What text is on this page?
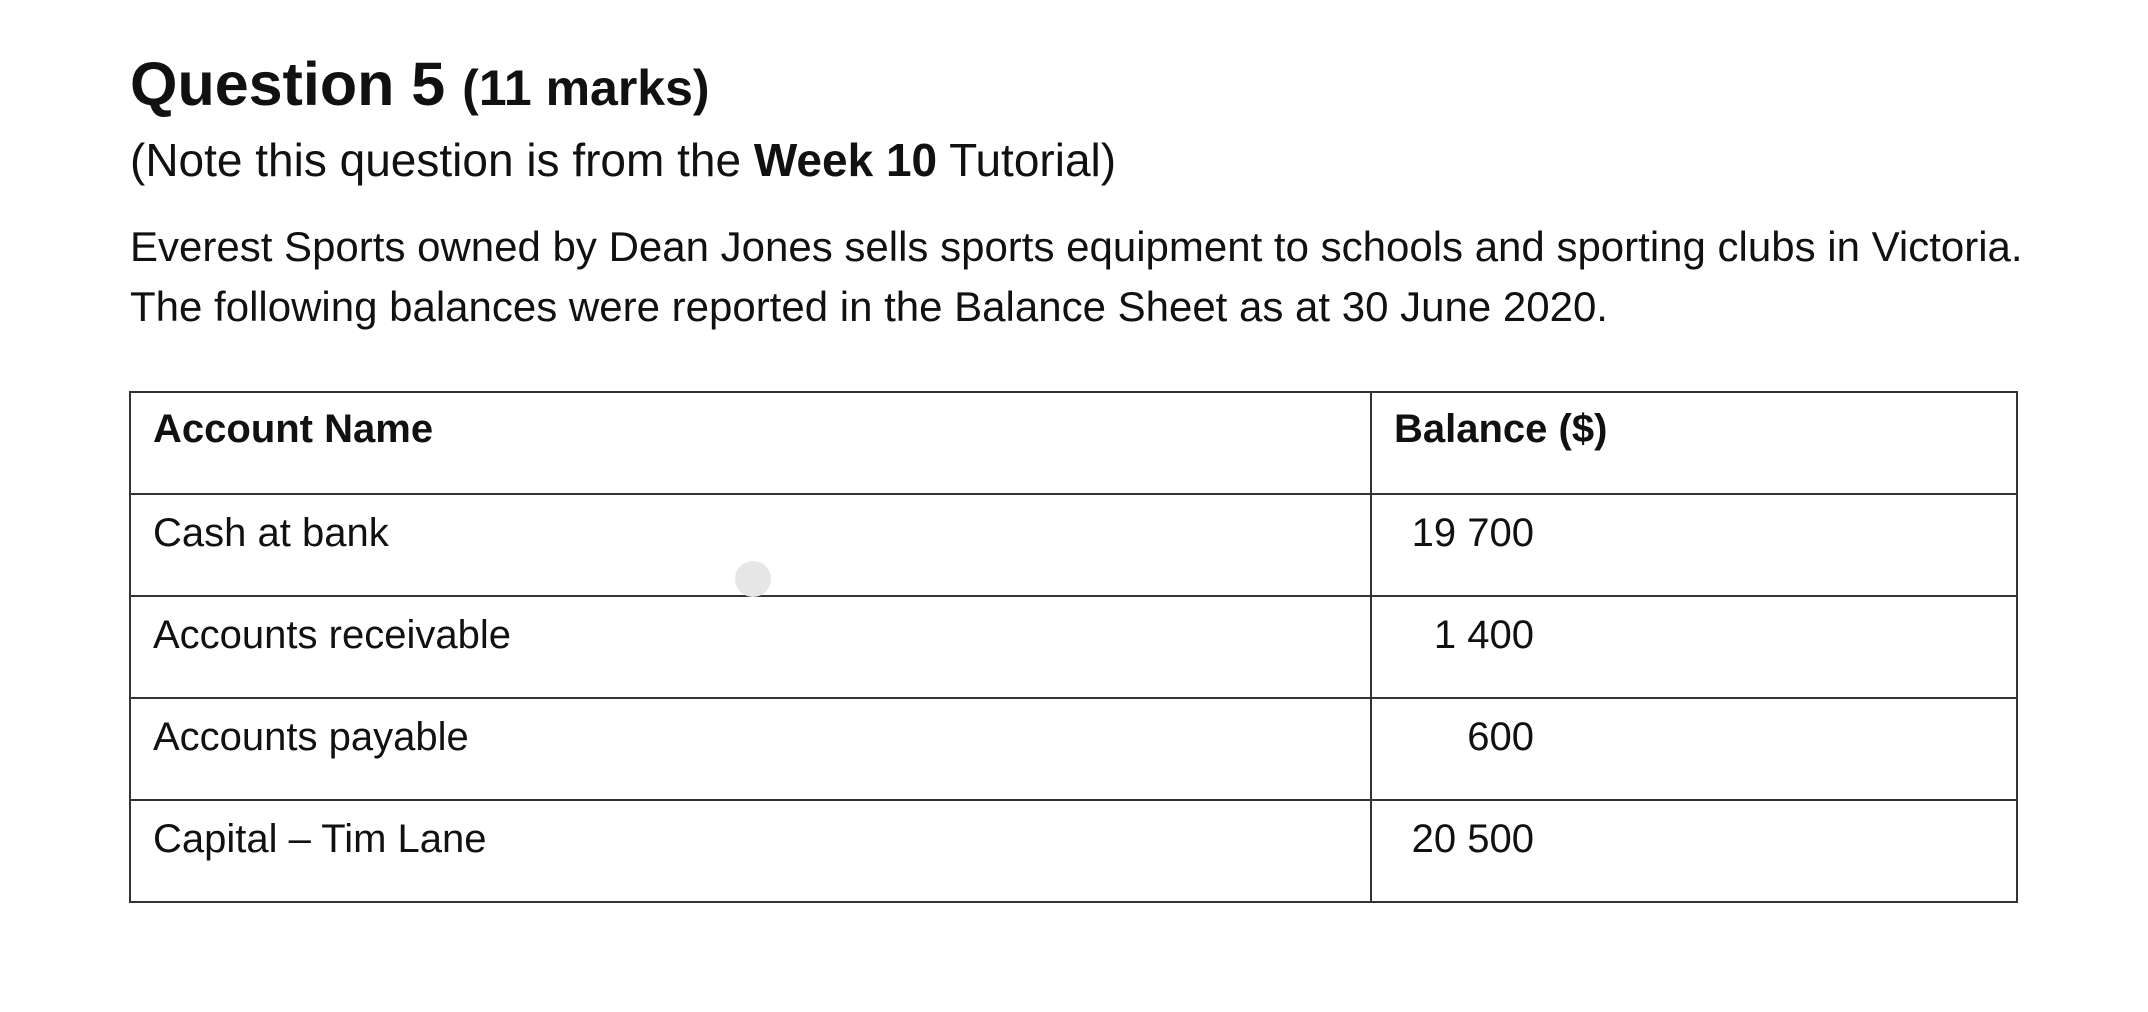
Question 5 (11 marks)

(Note this question is from the Week 10 Tutorial)

Everest Sports owned by Dean Jones sells sports equipment to schools and sporting clubs in Victoria. The following balances were reported in the Balance Sheet as at 30 June 2020.

Account Name	Balance ($)
Cash at bank	19 700
Accounts receivable	1 400
Accounts payable	600
Capital – Tim Lane	20 500
